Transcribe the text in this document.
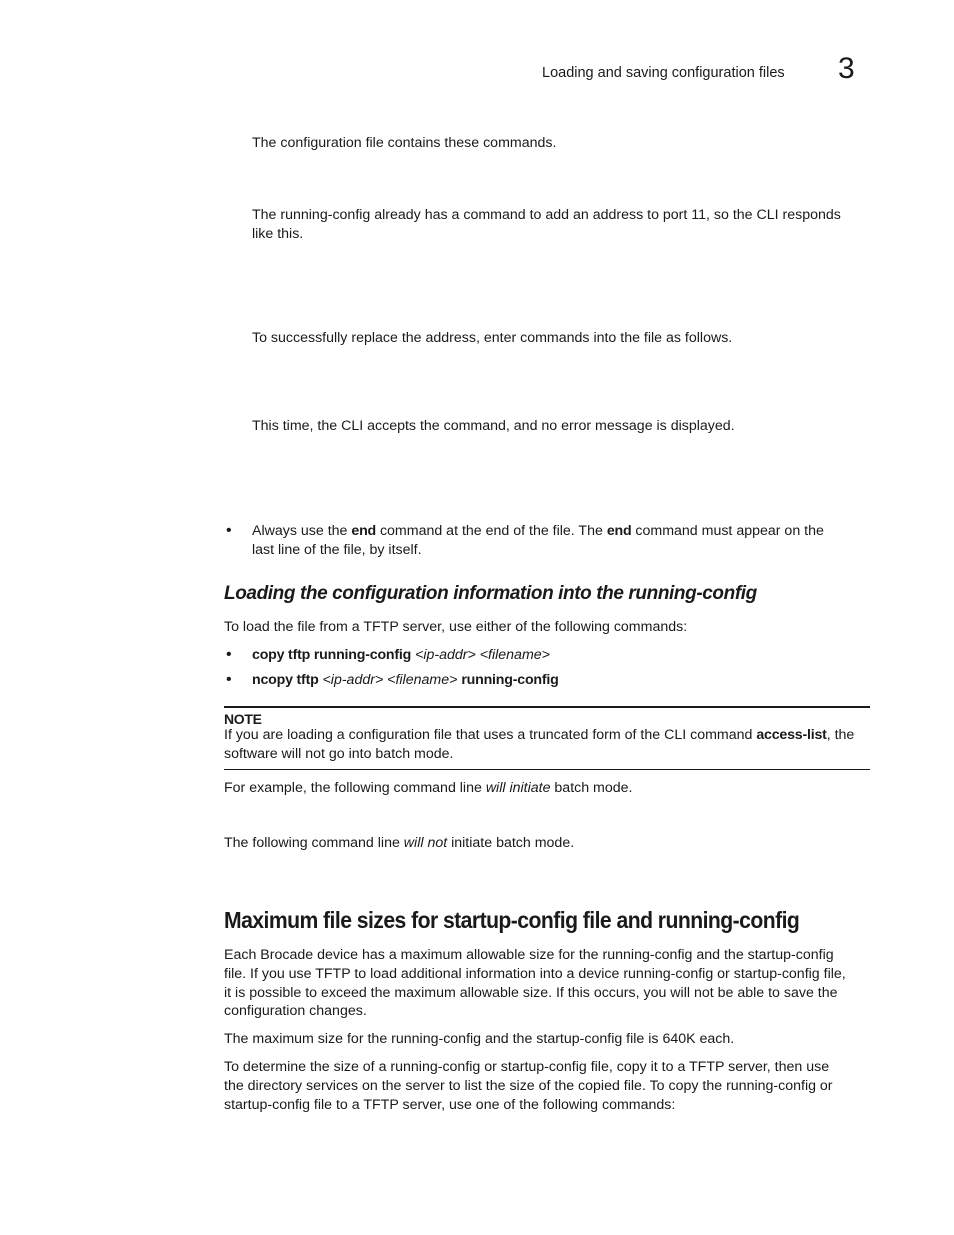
Loading and saving configuration files 3
The configuration file contains these commands.
The running-config already has a command to add an address to port 11, so the CLI responds
like this.
To successfully replace the address, enter commands into the file as follows.
This time, the CLI accepts the command, and no error message is displayed.
• Always use the end command at the end of the file. The end command must appear on the
last line of the file, by itself.
Loading the configuration information into the running-config
To load the file from a TFTP server, use either of the following commands:
• copy tftp running-config <ip-addr> <filename>
• ncopy tftp <ip-addr> <filename> running-config
NOTE
If you are loading a configuration file that uses a truncated form of the CLI command access-list, the
software will not go into batch mode.
For example, the following command line will initiate batch mode.
The following command line will not initiate batch mode.
Maximum file sizes for startup-config file and running-config
Each Brocade device has a maximum allowable size for the running-config and the startup-config
file. If you use TFTP to load additional information into a device running-config or startup-config file,
it is possible to exceed the maximum allowable size. If this occurs, you will not be able to save the
configuration changes.
The maximum size for the running-config and the startup-config file is 640K each.
To determine the size of a running-config or startup-config file, copy it to a TFTP server, then use
the directory services on the server to list the size of the copied file. To copy the running-config or
startup-config file to a TFTP server, use one of the following commands:
